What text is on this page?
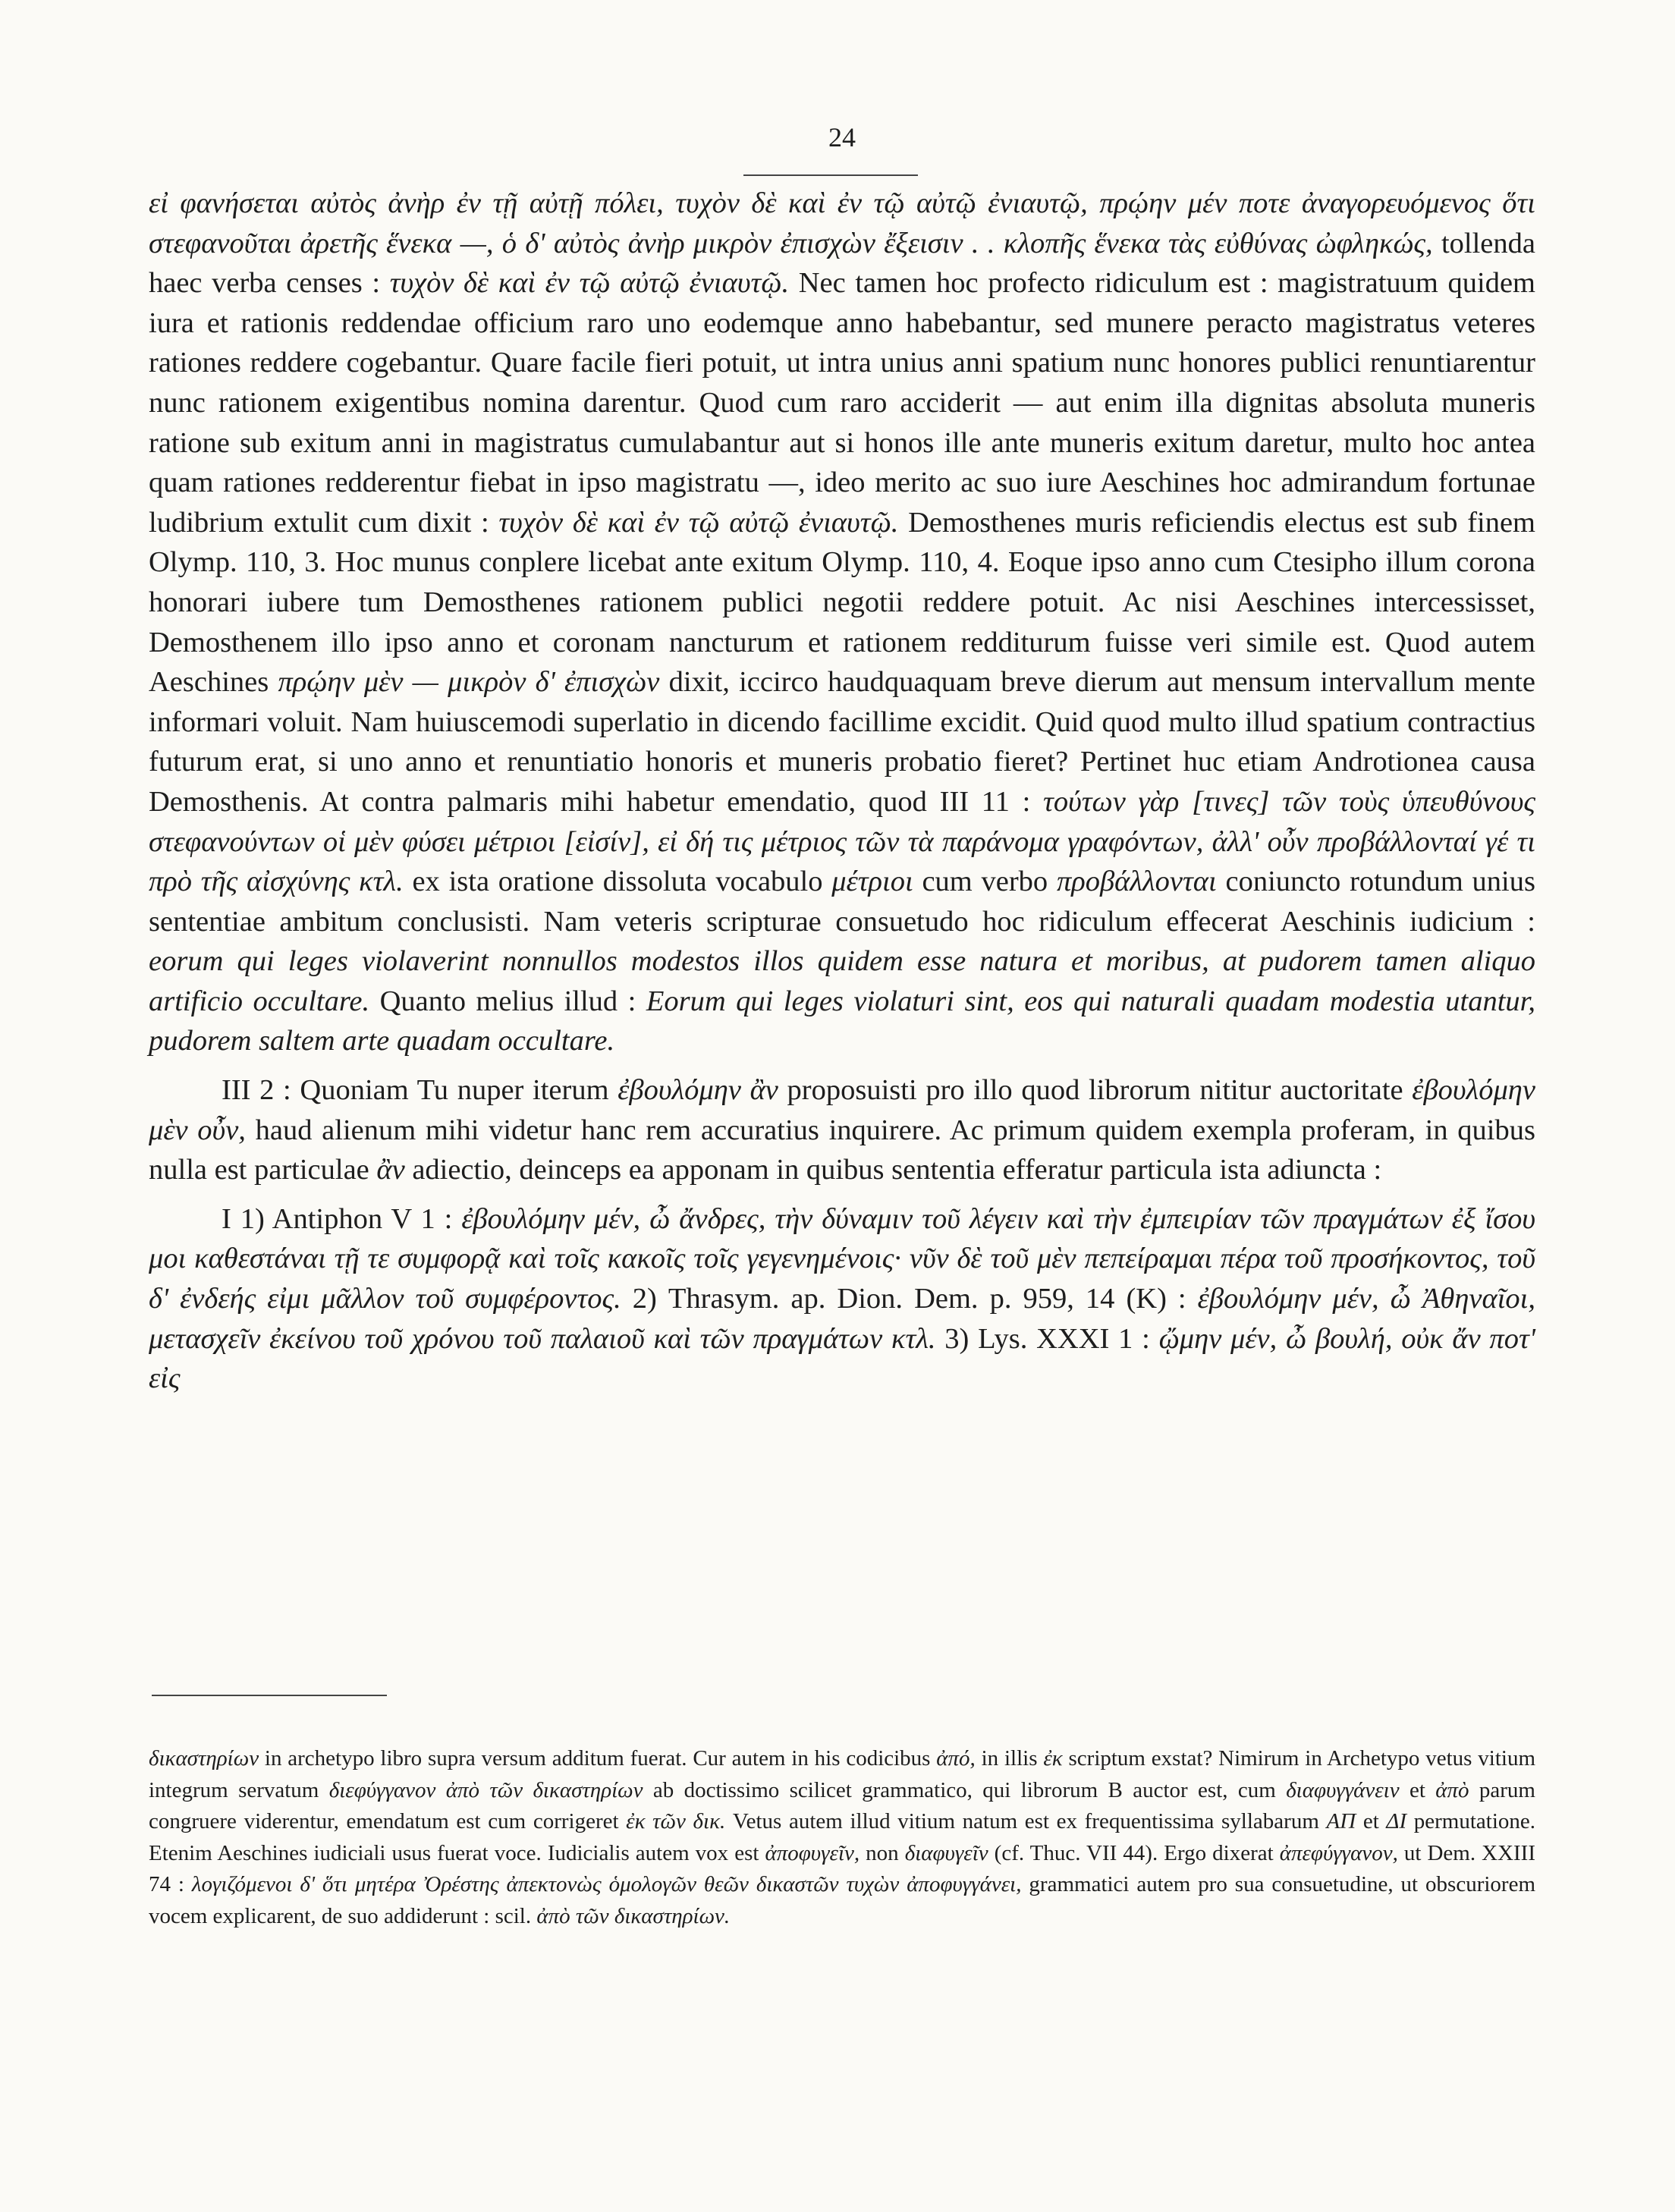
24

εἰ φανήσεται αὐτὸς ἀνὴρ ἐν τῇ αὐτῇ πόλει, τυχὸν δὲ καὶ ἐν τῷ αὐτῷ ἐνιαυτῷ, πρῴην μέν ποτε ἀναγορευόμενος ὅτι στεφανοῦται ἀρετῆς ἕνεκα —, ὁ δ' αὐτὸς ἀνὴρ μικρὸν ἐπισχὼν ἔξεισιν . . κλοπῆς ἕνεκα τὰς εὐθύνας ὠφληκώς, tollenda haec verba censes : τυχὸν δὲ καὶ ἐν τῷ αὐτῷ ἐνιαυτῷ. Nec tamen hoc profecto ridiculum est : magistratuum quidem iura et rationis reddendae officium raro uno eodemque anno habebantur, sed munere peracto magistratus veteres rationes reddere cogebantur. Quare facile fieri potuit, ut intra unius anni spatium nunc honores publici renuntiarentur nunc rationem exigentibus nomina darentur. Quod cum raro acciderit — aut enim illa dignitas absoluta muneris ratione sub exitum anni in magistratus cumulabantur aut si honos ille ante muneris exitum daretur, multo hoc antea quam rationes redderentur fiebat in ipso magistratu —, ideo merito ac suo iure Aeschines hoc admirandum fortunae ludibrium extulit cum dixit : τυχὸν δὲ καὶ ἐν τῷ αὐτῷ ἐνιαυτῷ. Demosthenes muris reficiendis electus est sub finem Olymp. 110, 3. Hoc munus conplere licebat ante exitum Olymp. 110, 4. Eoque ipso anno cum Ctesipho illum corona honorari iubere tum Demosthenes rationem publici negotii reddere potuit. Ac nisi Aeschines intercessisset, Demosthenem illo ipso anno et coronam nancturum et rationem redditurum fuisse veri simile est. Quod autem Aeschines πρῴην μὲν — μικρὸν δ' ἐπισχὼν dixit, iccirco haudquaquam breve dierum aut mensum intervallum mente informari voluit. Nam huiuscemodi superlatio in dicendo facillime excidit. Quid quod multo illud spatium contractius futurum erat, si uno anno et renuntiatio honoris et muneris probatio fieret? Pertinet huc etiam Androtionea causa Demosthenis. At contra palmaris mihi habetur emendatio, quod III 11 : τούτων γὰρ [τινες] τῶν τοὺς ὑπευθύνους στεφανούντων οἱ μὲν φύσει μέτριοι [εἰσίν], εἰ δή τις μέτριος τῶν τὰ παράνομα γραφόντων, ἀλλ' οὖν προβάλλονταί γέ τι πρὸ τῆς αἰσχύνης κτλ. ex ista oratione dissoluta vocabulo μέτριοι cum verbo προβάλλονται coniuncto rotundum unius sententiae ambitum conclusisti. Nam veteris scripturae consuetudo hoc ridiculum effecerat Aeschinis iudicium : eorum qui leges violaverint nonnullos modestos illos quidem esse natura et moribus, at pudorem tamen aliquo artificio occultare. Quanto melius illud : Eorum qui leges violaturi sint, eos qui naturali quadam modestia utantur, pudorem saltem arte quadam occultare.

III 2 : Quoniam Tu nuper iterum ἐβουλόμην ἂν proposuisti pro illo quod librorum nititur auctoritate ἐβουλόμην μὲν οὖν, haud alienum mihi videtur hanc rem accuratius inquirere. Ac primum quidem exempla proferam, in quibus nulla est particulae ἂν adiectio, deinceps ea apponam in quibus sententia efferatur particula ista adiuncta :

I 1) Antiphon V 1 : ἐβουλόμην μέν, ὦ ἄνδρες, τὴν δύναμιν τοῦ λέγειν καὶ τὴν ἐμπειρίαν τῶν πραγμάτων ἐξ ἴσου μοι καθεστάναι τῇ τε συμφορᾷ καὶ τοῖς κακοῖς τοῖς γεγενημένοις· νῦν δὲ τοῦ μὲν πεπείραμαι πέρα τοῦ προσήκοντος, τοῦ δ' ἐνδεής εἰμι μᾶλλον τοῦ συμφέροντος. 2) Thrasym. ap. Dion. Dem. p. 959, 14 (K) : ἐβουλόμην μέν, ὦ Ἀθηναῖοι, μετασχεῖν ἐκείνου τοῦ χρόνου τοῦ παλαιοῦ καὶ τῶν πραγμάτων κτλ. 3) Lys. XXXI 1 : ᾤμην μέν, ὦ βουλή, οὐκ ἄν ποτ' εἰς

δικαστηρίων in archetypo libro supra versum additum fuerat. Cur autem in his codicibus ἀπό, in illis ἐκ scriptum exstat? Nimirum in Archetypo vetus vitium integrum servatum διεφύγγανον ἀπὸ τῶν δικαστηρίων ab doctissimo scilicet grammatico, qui librorum B auctor est, cum διαφυγγάνειν et ἀπὸ parum congruere viderentur, emendatum est cum corrigeret ἐκ τῶν δικ. Vetus autem illud vitium natum est ex frequentissima syllabarum ΑΠ et ΔΙ permutatione. Etenim Aeschines iudiciali usus fuerat voce. Iudicialis autem vox est ἀποφυγεῖν, non διαφυγεῖν (cf. Thuc. VII 44). Ergo dixerat ἀπεφύγγανον, ut Dem. XXIII 74 : λογιζόμενοι δ' ὅτι μητέρα Ὀρέστης ἀπεκτονὼς ὁμολογῶν θεῶν δικαστῶν τυχὼν ἀποφυγγάνει, grammatici autem pro sua consuetudine, ut obscuriorem vocem explicarent, de suo addiderunt : scil. ἀπὸ τῶν δικαστηρίων.
